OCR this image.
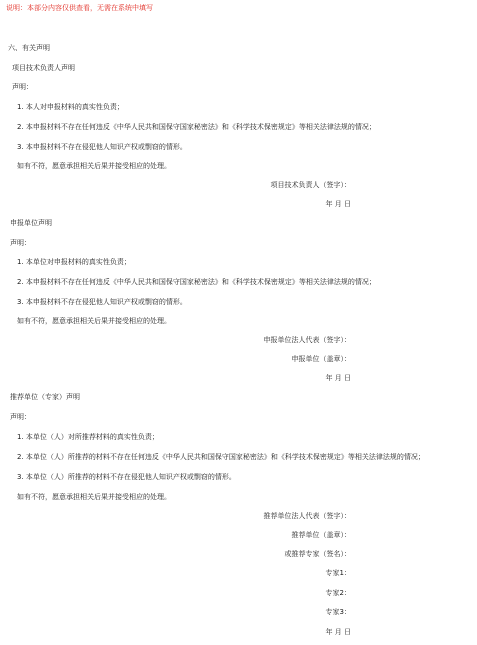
说明：本部分内容仅供查看，无需在系统中填写
六、有关声明
项目技术负责人声明
声明：
1. 本人对申报材料的真实性负责；
2. 本申报材料不存在任何违反《中华人民共和国保守国家秘密法》和《科学技术保密规定》等相关法律法规的情况；
3. 本申报材料不存在侵犯他人知识产权或剽窃的情形。
如有不符，愿意承担相关后果并接受相应的处理。
项目技术负责人（签字）：
年 月 日
申报单位声明
声明：
1. 本单位对申报材料的真实性负责；
2. 本申报材料不存在任何违反《中华人民共和国保守国家秘密法》和《科学技术保密规定》等相关法律法规的情况；
3. 本申报材料不存在侵犯他人知识产权或剽窃的情形。
如有不符，愿意承担相关后果并接受相应的处理。
申报单位法人代表（签字）：
申报单位（盖章）：
年 月 日
推荐单位（专家）声明
声明：
1. 本单位（人）对所推荐材料的真实性负责；
2. 本单位（人）所推荐的材料不存在任何违反《中华人民共和国保守国家秘密法》和《科学技术保密规定》等相关法律法规的情况；
3. 本单位（人）所推荐的材料不存在侵犯他人知识产权或剽窃的情形。
如有不符，愿意承担相关后果并接受相应的处理。
推荐单位法人代表（签字）：
推荐单位（盖章）：
或推荐专家（签名）：
专家1：
专家2：
专家3：
年 月 日
